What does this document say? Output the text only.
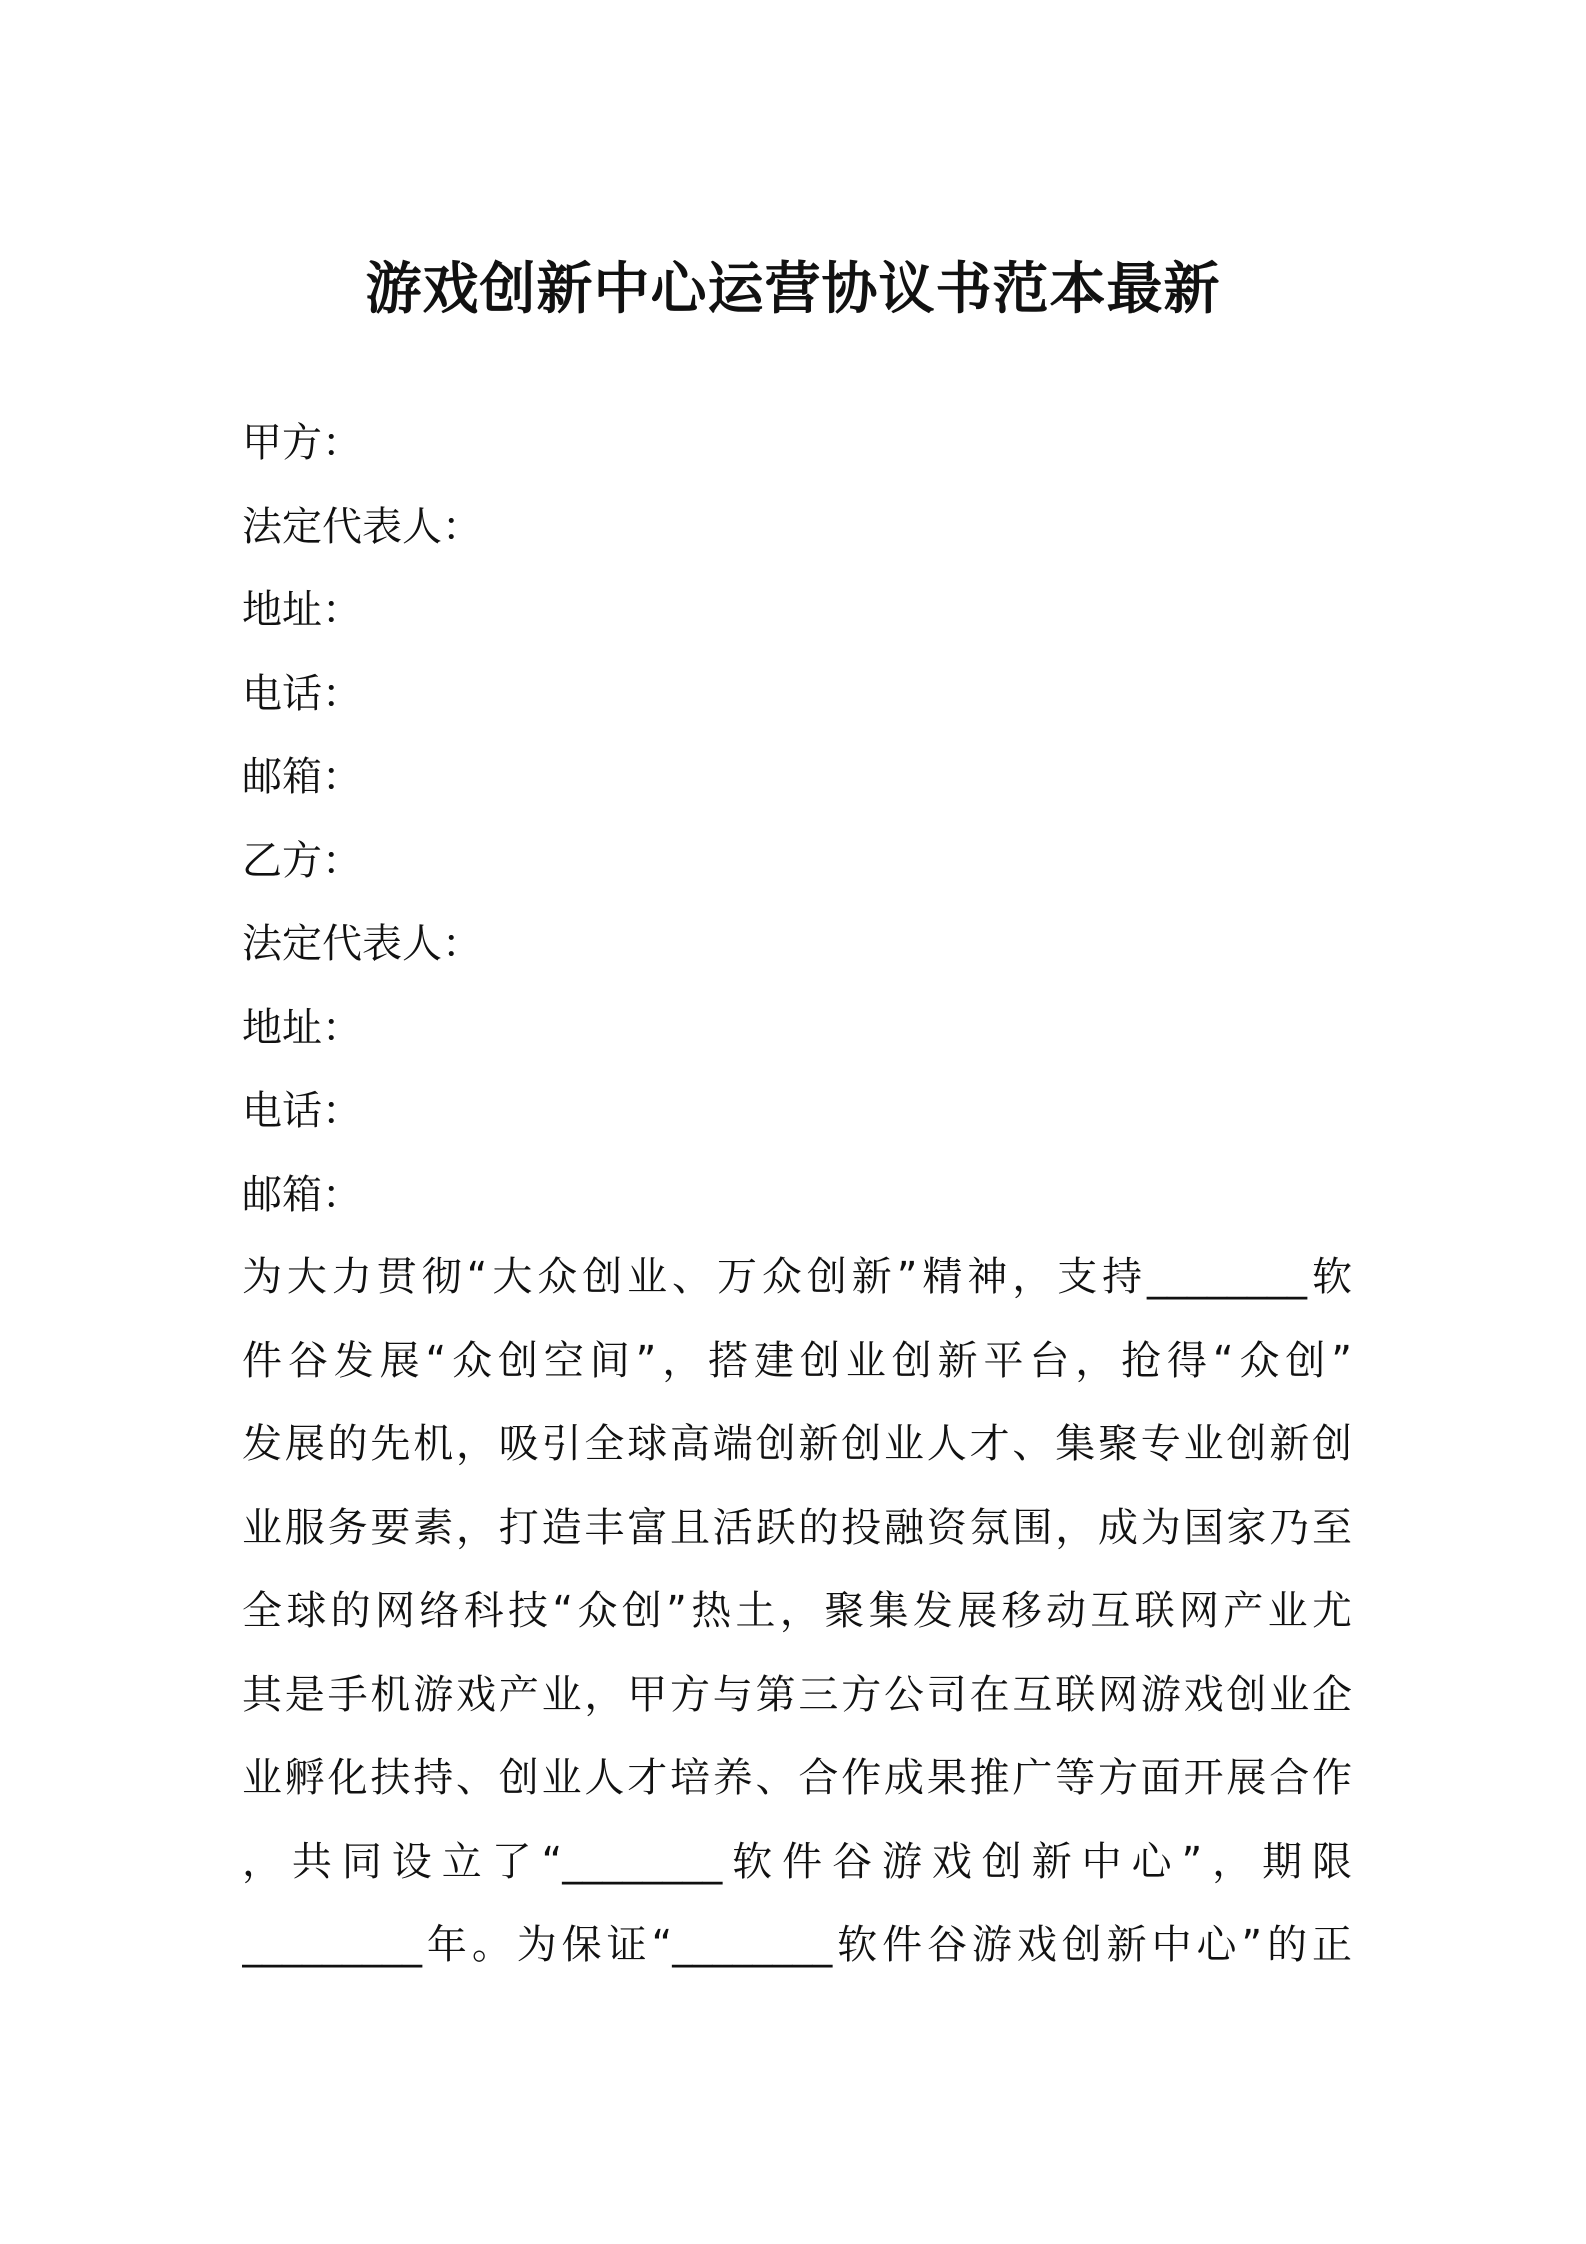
游戏创新中心运营协议书范本最新
甲方：
法定代表人：
地址：
电话：
邮箱：
乙方：
法定代表人：
地址：
电话：
邮箱：
为大力贯彻“大众创业、万众创新”精神，支持________软
件谷发展“众创空间”，搭建创业创新平台，抢得“众创”
发展的先机，吸引全球高端创新创业人才、集聚专业创新创
业服务要素，打造丰富且活跃的投融资氛围，成为国家乃至
全球的网络科技“众创”热土，聚集发展移动互联网产业尤
其是手机游戏产业，甲方与第三方公司在互联网游戏创业企
业孵化扶持、创业人才培养、合作成果推广等方面开展合作
，共同设立了“________软件谷游戏创新中心”，期限
_________年。为保证“________软件谷游戏创新中心”的正
